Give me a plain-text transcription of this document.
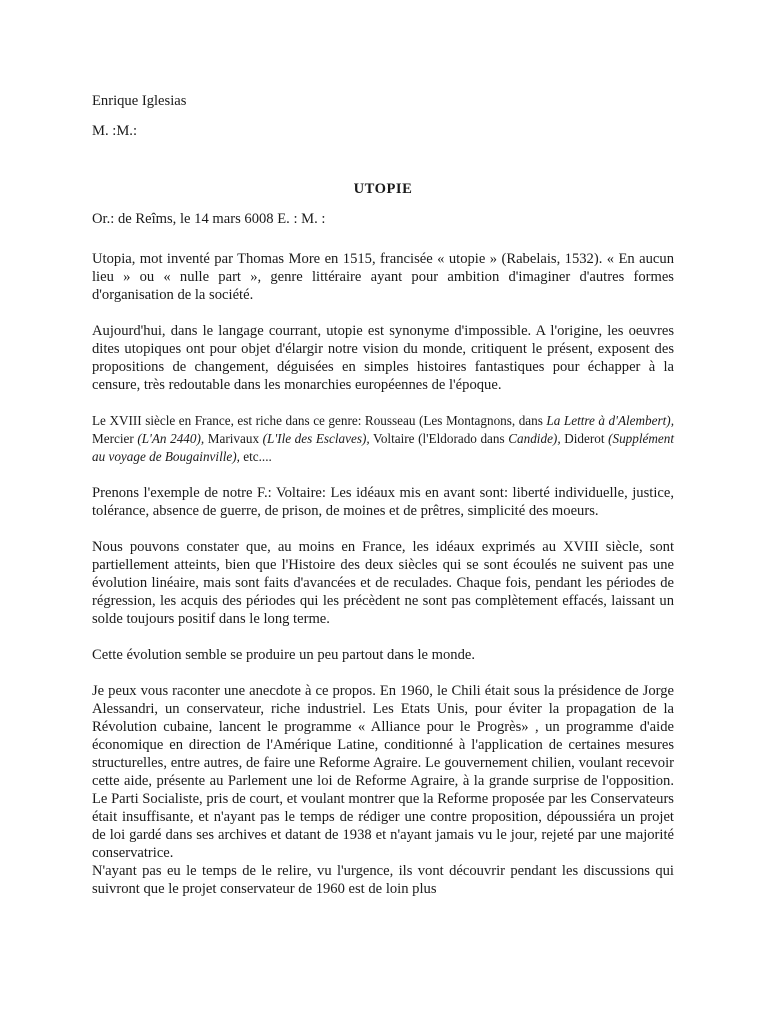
Enrique Iglesias
M. :M.:
UTOPIE
Or.: de Reîms, le 14 mars 6008 E. : M. :

Utopia, mot inventé par Thomas More en 1515, francisée « utopie » (Rabelais, 1532). « En aucun lieu » ou « nulle part », genre littéraire ayant pour ambition d'imaginer d'autres formes d'organisation de la société.

Aujourd'hui, dans le langage courrant, utopie est synonyme d'impossible. A l'origine, les oeuvres dites utopiques ont pour objet d'élargir notre vision du monde, critiquent le présent, exposent des propositions de changement, déguisées en simples histoires fantastiques pour échapper à la censure, très redoutable dans les monarchies européennes de l'époque.

Le XVIII siècle en France, est riche dans ce genre: Rousseau (Les Montagnons, dans La Lettre à d'Alembert), Mercier (L'An 2440), Marivaux (L'Ile des Esclaves), Voltaire (l'Eldorado dans Candide), Diderot (Supplément au voyage de Bougainville), etc....

Prenons l'exemple de notre F.: Voltaire: Les idéaux mis en avant sont: liberté individuelle, justice, tolérance, absence de guerre, de prison, de moines et de prêtres, simplicité des moeurs.

Nous pouvons constater que, au moins en France, les idéaux exprimés au XVIII siècle, sont partiellement atteints, bien que l'Histoire des deux siècles qui se sont écoulés ne suivent pas une évolution linéaire, mais sont faits d'avancées et de reculades. Chaque fois, pendant les périodes de régression, les acquis des périodes qui les précèdent ne sont pas complètement effacés, laissant un solde toujours positif dans le long terme.

Cette évolution semble se produire un peu partout dans le monde.

Je peux vous raconter une anecdote à ce propos. En 1960, le Chili était sous la présidence de Jorge Alessandri, un conservateur, riche industriel. Les Etats Unis, pour éviter la propagation de la Révolution cubaine, lancent le programme « Alliance pour le Progrès» , un programme d'aide économique en direction de l'Amérique Latine, conditionné à l'application de certaines mesures structurelles, entre autres, de faire une Reforme Agraire. Le gouvernement chilien, voulant recevoir cette aide, présente au Parlement une loi de Reforme Agraire, à la grande surprise de l'opposition. Le Parti Socialiste, pris de court, et voulant montrer que la Reforme proposée par les Conservateurs était insuffisante, et n'ayant pas le temps de rédiger une contre proposition, dépoussiéra un projet de loi gardé dans ses archives et datant de 1938 et n'ayant jamais vu le jour, rejeté par une majorité conservatrice.

N'ayant pas eu le temps de le relire, vu l'urgence, ils vont découvrir pendant les discussions qui suivront que le projet conservateur de 1960 est de loin plus
